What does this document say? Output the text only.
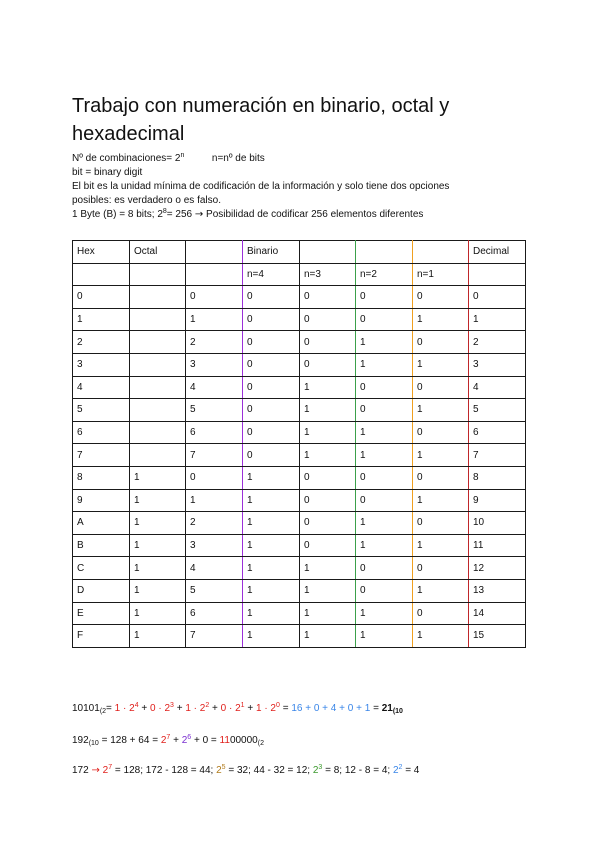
Trabajo con numeración en binario, octal y hexadecimal
Nº de combinaciones= $2^n$	n=nº de bits
bit = binary digit
El bit es la unidad mínima de codificación de la información y solo tiene dos opciones
posibles: es verdadero o es falso.
1 Byte (B) = 8 bits; $2^8= 256$ → Posibilidad de codificar 256 elementos diferentes
Hex	Octal		Binario				Decimal
			n=4	n=3	n=2	n=1	
0		0	0	0	0	0	0
1		1	0	0	0	1	1
2		2	0	0	1	0	2
3		3	0	0	1	1	3
4		4	0	1	0	0	4
5		5	0	1	0	1	5
6		6	0	1	1	0	6
7		7	0	1	1	1	7
8	1	0	1	0	0	0	8
9	1	1	1	0	0	1	9
A	1	2	1	0	1	0	10
B	1	3	1	0	1	1	11
C	1	4	1	1	0	0	12
D	1	5	1	1	0	1	13
E	1	6	1	1	1	0	14
F	1	7	1	1	1	1	15
$10101(2= 1 \cdot 2^4 + 0 \cdot 2^3 + 1 \cdot 2^2 + 0 \cdot 2^1 + 1 \cdot 2^0 = 16 + 0 + 4 + 0 + 1 = 21(10$
$192(10 = 128 + 64 = 2^7 + 2^6 + 0 = 1100000(2$
$172 \to 2^7 = 128$; 172 - 128 = 44; $2^5 = 32$; 44 - 32 = 12; $2^3 = 8$; 12 - 8 = 4; $2^2 = 4$
